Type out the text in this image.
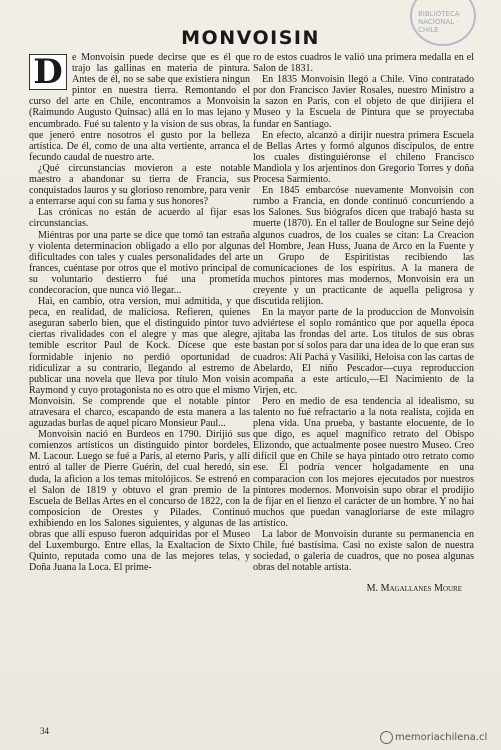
BIBLIOTECA NACIONAL · CHILE
MONVOISIN

D e Monvoisin puede decirse que es él que trajo las gallinas en materia de pintura. Antes de él, no se sabe que existiera ningun pintor en nuestra tierra. Remontando el curso del arte en Chile, encontramos a Monvoisin (Raimundo Augusto Quinsac) allá en lo mas lejano y encumbrado. Fué su talento y la vision de sus obras, la que jeneró entre nosotros el gusto por la belleza artística. De él, como de una alta vertiente, arranca el fecundo caudal de nuestro arte.

¿Qué circunstancias movieron a este notable maestro a abandonar su tierra de Francia, sus conquistados lauros y su glorioso renombre, para venir a enterrarse aquí con su fama y sus honores?

Las crónicas no están de acuerdo al fijar esas circunstancias.

Miéntras por una parte se dice que tomó tan estraña y violenta determinacion obligado a ello por algunas dificultades con tales y cuales personalidades del arte frances, cuéntase por otros que el motivo principal de su voluntario destierro fué una prometida condecoracion, que nunca vió llegar...

Hai, en cambio, otra version, mui admitida, y que peca, en realidad, de maliciosa. Refieren, quienes aseguran saberlo bien, que el distinguido pintor tuvo ciertas rivalidades con el alegre y mas que alegre, temible escritor Paul de Kock. Dícese que este formidable injenio no perdió oportunidad de ridiculizar a su contrario, llegando al estremo de publicar una novela que lleva por título Mon voisin Raymond y cuyo protagonista no es otro que el mismo Monvoisin. Se comprende que el notable pintor atravesara el charco, escapando de esta manera a las aguzadas burlas de aquel pícaro Monsieur Paul...

Monvoisin nació en Burdeos en 1790. Dirijió sus comienzos artísticos un distinguido pintor bordeles, M. Lacour. Luego se fué a Paris, al eterno Paris, y allí entró al taller de Pierre Guérin, del cual heredó, sin duda, la aficion a los temas mitolójicos. Se estrenó en el Salon de 1819 y obtuvo el gran premio de la Escuela de Bellas Artes en el concurso de 1822, con la composicion de Orestes y Pilades. Continuó exhibiendo en los Salones siguientes, y algunas de las obras que allí espuso fueron adquiridas por el Museo del Luxemburgo. Entre ellas, la Exaltacion de Sixto Quinto, reputada como una de las mejores telas, y Doña Juana la Loca. El prime-

ro de estos cuadros le valió una primera medalla en el Salon de 1831.

En 1835 Monvoisin llegó a Chile. Vino contratado por don Francisco Javier Rosales, nuestro Ministro a la sazon en Paris, con el objeto de que dirijiera el Museo y la Escuela de Pintura que se proyectaba fundar en Santiago.

En efecto, alcanzó a dirijir nuestra primera Escuela de Bellas Artes y formó algunos discípulos, de entre los cuales distinguiéronse el chileno Francisco Mandiola y los arjentinos don Gregorio Torres y doña Procesa Sarmiento.

En 1845 embarcóse nuevamente Monvoisin con rumbo a Francia, en donde continuó concurriendo a los Salones. Sus biógrafos dicen que trabajó hasta su muerte (1870). En el taller de Boulogne sur Seine dejó algunos cuadros, de los cuales se citan: La Creacion del Hombre, Jean Huss, Juana de Arco en la Fuente y un Grupo de Espiritistas recibiendo las comunicaciones de los espíritus. A la manera de muchos pintores mas modernos, Monvoisin era un creyente y un practicante de aquella peligrosa y discutida relijion.

En la mayor parte de la produccion de Monvoisin adviértese el soplo romántico que por aquella época ajitaba las frondas del arte. Los títulos de sus obras bastan por sí solos para dar una idea de lo que eran sus cuadros: Alí Pachá y Vasiliki, Heloisa con las cartas de Abelardo, El niño Pescador—cuya reproduccion acompaña a este artículo,—El Nacimiento de la Virjen, etc.

Pero en medio de esa tendencia al idealismo, su talento no fué refractario a la nota realista, cojida en plena vida. Una prueba, y bastante elocuente, de lo que digo, es aquel magnífico retrato del Obispo Elizondo, que actualmente posee nuestro Museo. Creo difícil que en Chile se haya pintado otro retrato como ese. Él podría vencer holgadamente en una comparacion con los mejores ejecutados por nuestros pintores modernos. Monvoisin supo obrar el prodijio de fijar en el lienzo el carácter de un hombre. Y no hai muchos que puedan vanagloriarse de este milagro artístico.

La labor de Monvoisin durante su permanencia en Chile, fué bastísima. Casi no existe salon de nuestra sociedad, o galeria de cuadros, que no posea algunas obras del notable artista.

M. Magallanes Moure
34
memoriachilena.cl
